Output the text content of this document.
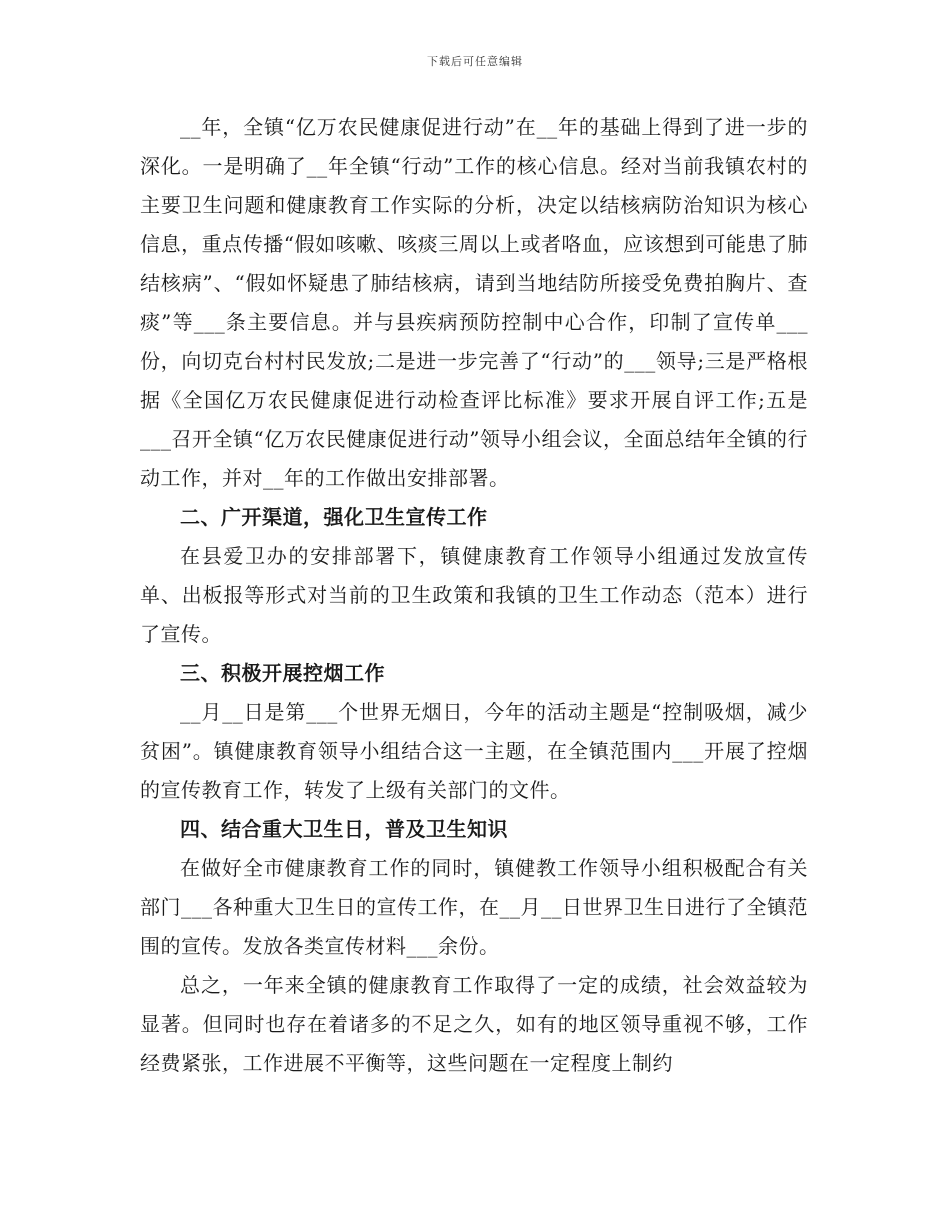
下载后可任意编辑

__年，全镇“亿万农民健康促进行动”在__年的基础上得到了进一步的深化。一是明确了__年全镇“行动”工作的核心信息。经对当前我镇农村的主要卫生问题和健康教育工作实际的分析，决定以结核病防治知识为核心信息，重点传播“假如咳嗽、咳痰三周以上或者咯血，应该想到可能患了肺结核病”、“假如怀疑患了肺结核病，请到当地结防所接受免费拍胸片、查痰”等___条主要信息。并与县疾病预防控制中心合作，印制了宣传单___份，向切克台村村民发放;二是进一步完善了“行动”的___领导;三是严格根据《全国亿万农民健康促进行动检查评比标准》要求开展自评工作;五是___召开全镇“亿万农民健康促进行动”领导小组会议，全面总结年全镇的行动工作，并对__年的工作做出安排部署。

二、广开渠道，强化卫生宣传工作

在县爱卫办的安排部署下，镇健康教育工作领导小组通过发放宣传单、出板报等形式对当前的卫生政策和我镇的卫生工作动态（范本）进行了宣传。

三、积极开展控烟工作

__月__日是第___个世界无烟日，今年的活动主题是“控制吸烟，减少贫困”。镇健康教育领导小组结合这一主题，在全镇范围内___开展了控烟的宣传教育工作，转发了上级有关部门的文件。

四、结合重大卫生日，普及卫生知识

在做好全市健康教育工作的同时，镇健教工作领导小组积极配合有关部门___各种重大卫生日的宣传工作，在__月__日世界卫生日进行了全镇范围的宣传。发放各类宣传材料___余份。

总之，一年来全镇的健康教育工作取得了一定的成绩，社会效益较为显著。但同时也存在着诸多的不足之久，如有的地区领导重视不够，工作经费紧张，工作进展不平衡等，这些问题在一定程度上制约
